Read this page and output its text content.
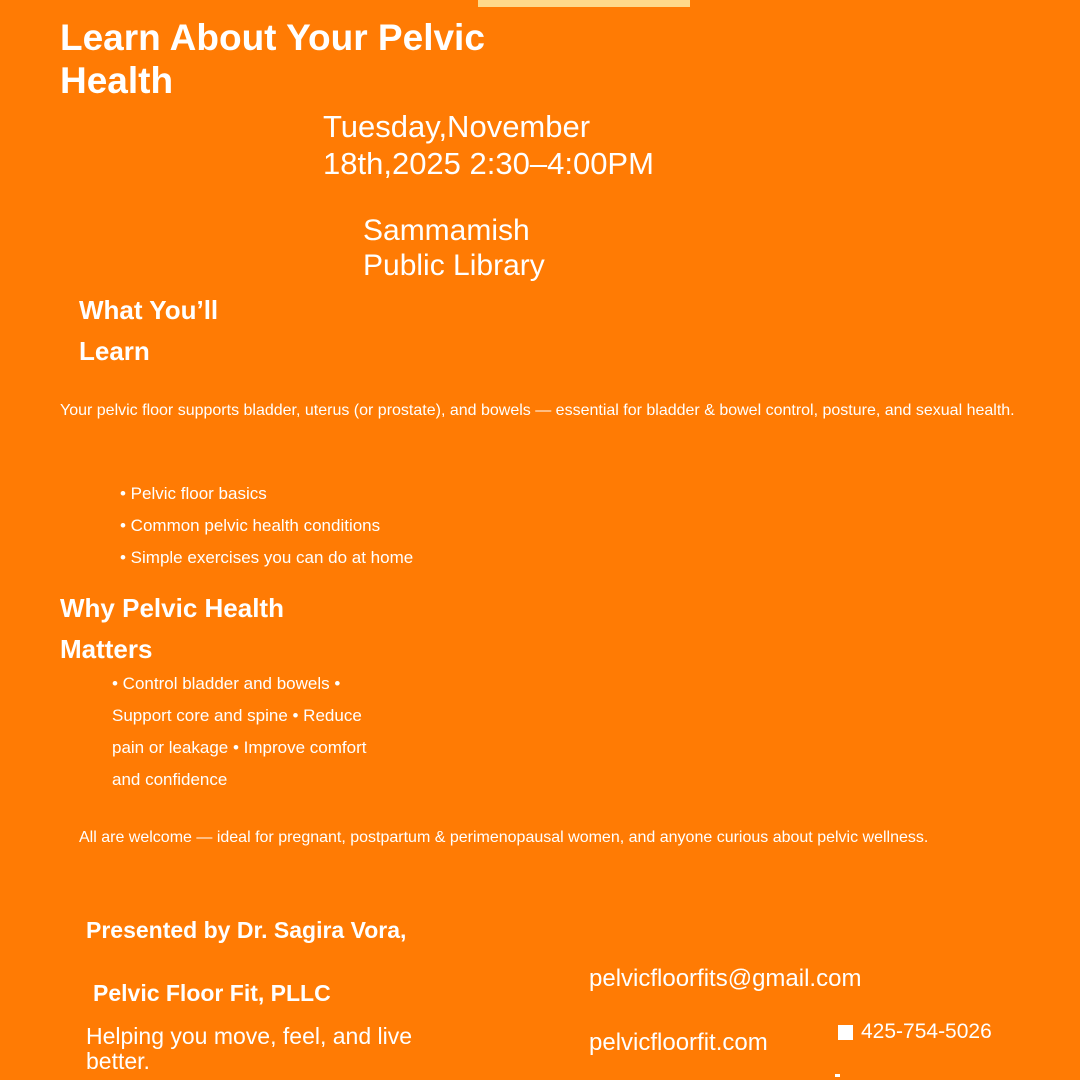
Learn About Your Pelvic Health
Tuesday,November
18th,2025 2:30–4:00PM
Sammamish
Public Library
What You’ll
Learn
Your pelvic floor supports bladder, uterus (or prostate), and bowels — essential for bladder & bowel control, posture, and sexual health.
• Pelvic floor basics
• Common pelvic health conditions
• Simple exercises you can do at home
Why Pelvic Health
Matters
• Control bladder and bowels •
Support core and spine • Reduce
pain or leakage • Improve comfort
and confidence
All are welcome — ideal for pregnant, postpartum & perimenopausal women, and anyone curious about pelvic wellness.
Presented by Dr. Sagira Vora,
Pelvic Floor Fit, PLLC
Helping you move, feel, and live better.
pelvicfloorfits@gmail.com
pelvicfloorfit.com	425-754-5026
